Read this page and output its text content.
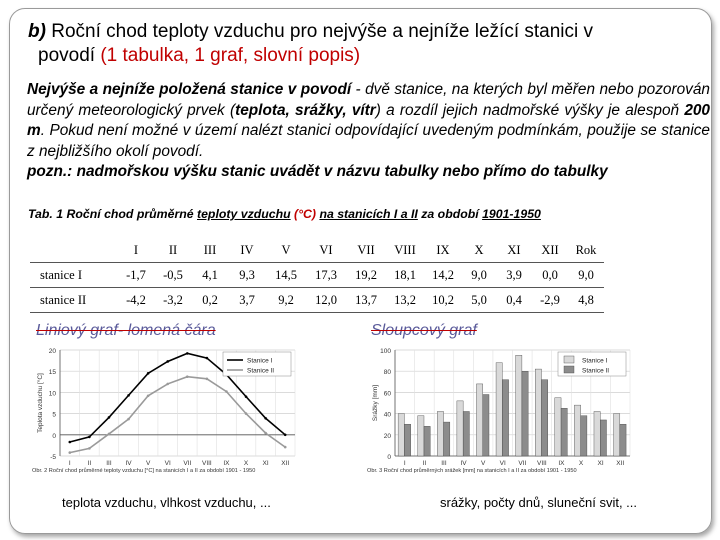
b) Roční chod teploty vzduchu pro nejvýše a nejníže ležící stanici v
povodí (1 tabulka, 1 graf, slovní popis)
Nejvýše a nejníže položená stanice v povodí - dvě stanice, na kterých byl měřen nebo pozorován určený meteorologický prvek (teplota, srážky, vítr) a rozdíl jejich nadmořské výšky je alespoň 200 m. Pokud není možné v území nalézt stanici odpovídající uvedeným podmínkám, použije se stanice z nejbližšího okolí povodí.
pozn.: nadmořskou výšku stanic uvádět v názvu tabulky nebo přímo do tabulky
Tab. 1 Roční chod průměrné teploty vzduchu (°C) na stanicích I a II za období 1901-1950
	I	II	III	IV	V	VI	VII	VIII	IX	X	XI	XII	Rok
stanice I	-1,7	-0,5	4,1	9,3	14,5	17,3	19,2	18,1	14,2	9,0	3,9	0,0	9,0
stanice II	-4,2	-3,2	0,2	3,7	9,2	12,0	13,7	13,2	10,2	5,0	0,4	-2,9	4,8
Liniový graf- lomená čára
20
15
10
5
0
-5
Teplota vzduchu [°C]
I	II III IV V VI VII VIII IX X XI XII
Stanice I
Stanice II
Obr. 2 Roční chod průměrné teploty vzduchu [°C] na stanicích I a II za období 1901 - 1950
Sloupcový graf
100
80
60
40
20
0
Srážky [mm]
I	II III IV V VI VII VIII IX X XI XII
Stanice I
Stanice II
Obr. 3 Roční chod průměrných srážek [mm] na stanicích I a II za období 1901 - 1950
teplota vzduchu, vlhkost vzduchu, ...	srážky, počty dnů, sluneční svit, ...
